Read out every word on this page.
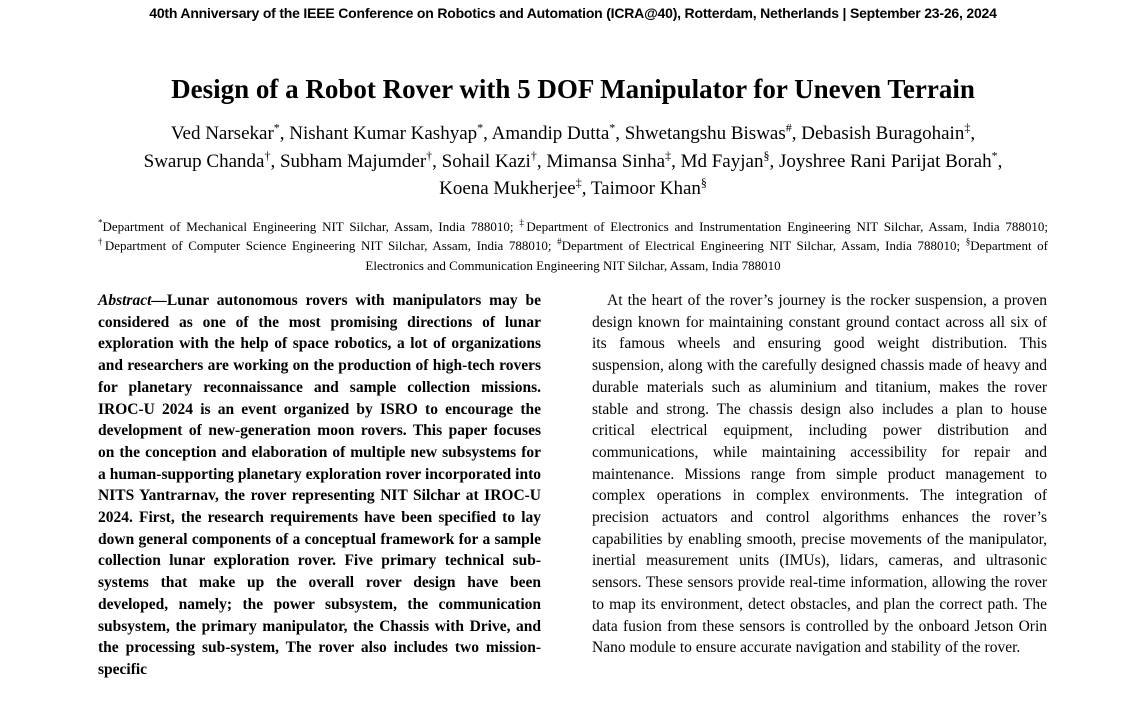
40th Anniversary of the IEEE Conference on Robotics and Automation (ICRA@40), Rotterdam, Netherlands | September 23-26, 2024
Design of a Robot Rover with 5 DOF Manipulator for Uneven Terrain
Ved Narsekar*, Nishant Kumar Kashyap*, Amandip Dutta*, Shwetangshu Biswas#, Debasish Buragohain‡,
Swarup Chanda†, Subham Majumder†, Sohail Kazi†, Mimansa Sinha‡, Md Fayjan§, Joyshree Rani Parijat Borah*,
Koena Mukherjee‡, Taimoor Khan§

*Department of Mechanical Engineering NIT Silchar, Assam, India 788010; ‡Department of Electronics and Instrumentation Engineering NIT Silchar, Assam, India 788010; †Department of Computer Science Engineering NIT Silchar, Assam, India 788010; #Department of Electrical Engineering NIT Silchar, Assam, India 788010; §Department of Electronics and Communication Engineering NIT Silchar, Assam, India 788010

Abstract—Lunar autonomous rovers with manipulators may be considered as one of the most promising directions of lunar exploration with the help of space robotics, a lot of organizations and researchers are working on the production of high-tech rovers for planetary reconnaissance and sample collection missions. IROC-U 2024 is an event organized by ISRO to encourage the development of new-generation moon rovers. This paper focuses on the conception and elaboration of multiple new subsystems for a human-supporting planetary exploration rover incorporated into NITS Yantrarnav, the rover representing NIT Silchar at IROC-U 2024. First, the research requirements have been specified to lay down general components of a conceptual framework for a sample collection lunar exploration rover. Five primary technical sub-systems that make up the overall rover design have been developed, namely; the power subsystem, the communication subsystem, the primary manipulator, the Chassis with Drive, and the processing sub-system, The rover also includes two mission-specific

At the heart of the rover’s journey is the rocker suspension, a proven design known for maintaining constant ground contact across all six of its famous wheels and ensuring good weight distribution. This suspension, along with the carefully designed chassis made of heavy and durable materials such as aluminium and titanium, makes the rover stable and strong. The chassis design also includes a plan to house critical electrical equipment, including power distribution and communications, while maintaining accessibility for repair and maintenance. Missions range from simple product management to complex operations in complex environments. The integration of precision actuators and control algorithms enhances the rover’s capabilities by enabling smooth, precise movements of the manipulator, inertial measurement units (IMUs), lidars, cameras, and ultrasonic sensors. These sensors provide real-time information, allowing the rover to map its environment, detect obstacles, and plan the correct path. The data fusion from these sensors is controlled by the onboard Jetson Orin Nano module to ensure accurate navigation and stability of the rover.
